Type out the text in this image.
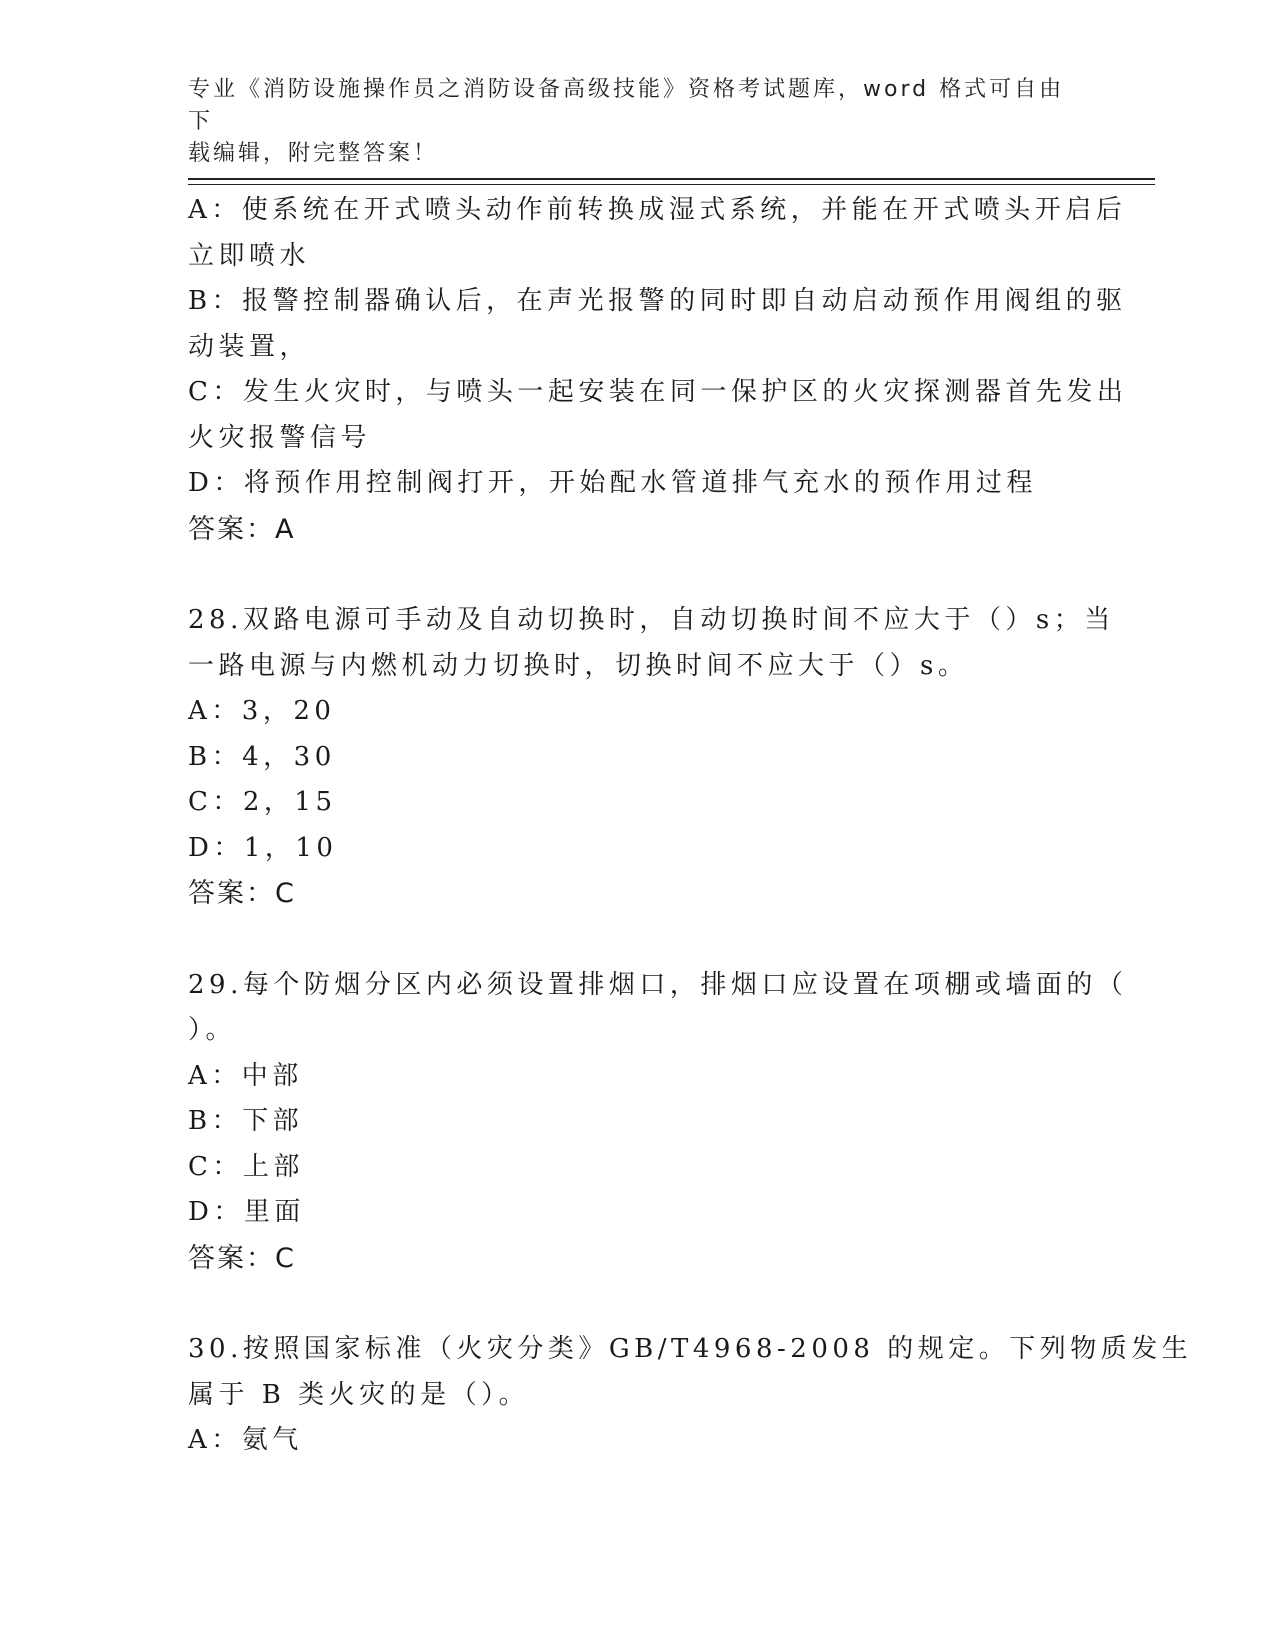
专业《消防设施操作员之消防设备高级技能》资格考试题库，word 格式可自由下
载编辑，附完整答案！
A：使系统在开式喷头动作前转换成湿式系统，并能在开式喷头开启后
立即喷水
B：报警控制器确认后，在声光报警的同时即自动启动预作用阀组的驱
动装置，
C：发生火灾时，与喷头一起安装在同一保护区的火灾探测器首先发出
火灾报警信号
D：将预作用控制阀打开，开始配水管道排气充水的预作用过程
答案：A
28.双路电源可手动及自动切换时，自动切换时间不应大于（）s；当
一路电源与内燃机动力切换时，切换时间不应大于（）s。
A：3，20
B：4，30
C：2，15
D：1，10
答案：C
29.每个防烟分区内必须设置排烟口，排烟口应设置在项棚或墙面的（
）。
A：中部
B：下部
C：上部
D：里面
答案：C
30.按照国家标准（火灾分类》GB/T4968-2008 的规定。下列物质发生
属于 B 类火灾的是（）。
A：氨气
